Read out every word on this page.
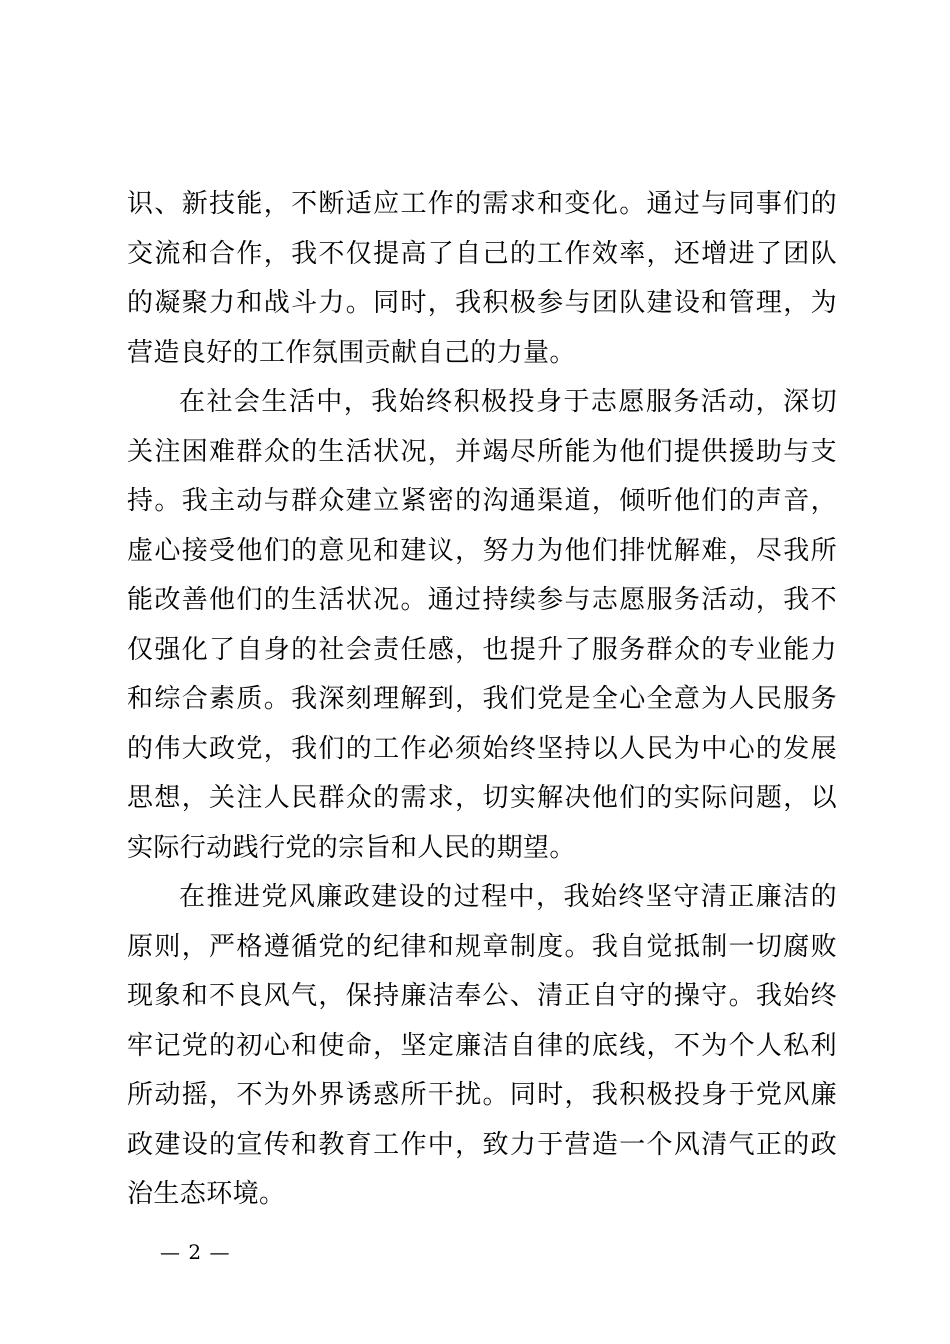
识、新技能，不断适应工作的需求和变化。通过与同事们的交流和合作，我不仅提高了自己的工作效率，还增进了团队的凝聚力和战斗力。同时，我积极参与团队建设和管理，为营造良好的工作氛围贡献自己的力量。

在社会生活中，我始终积极投身于志愿服务活动，深切关注困难群众的生活状况，并竭尽所能为他们提供援助与支持。我主动与群众建立紧密的沟通渠道，倾听他们的声音，虚心接受他们的意见和建议，努力为他们排忧解难，尽我所能改善他们的生活状况。通过持续参与志愿服务活动，我不仅强化了自身的社会责任感，也提升了服务群众的专业能力和综合素质。我深刻理解到，我们党是全心全意为人民服务的伟大政党，我们的工作必须始终坚持以人民为中心的发展思想，关注人民群众的需求，切实解决他们的实际问题，以实际行动践行党的宗旨和人民的期望。

在推进党风廉政建设的过程中，我始终坚守清正廉洁的原则，严格遵循党的纪律和规章制度。我自觉抵制一切腐败现象和不良风气，保持廉洁奉公、清正自守的操守。我始终牢记党的初心和使命，坚定廉洁自律的底线，不为个人私利所动摇，不为外界诱惑所干扰。同时，我积极投身于党风廉政建设的宣传和教育工作中，致力于营造一个风清气正的政治生态环境。

— 2 —
